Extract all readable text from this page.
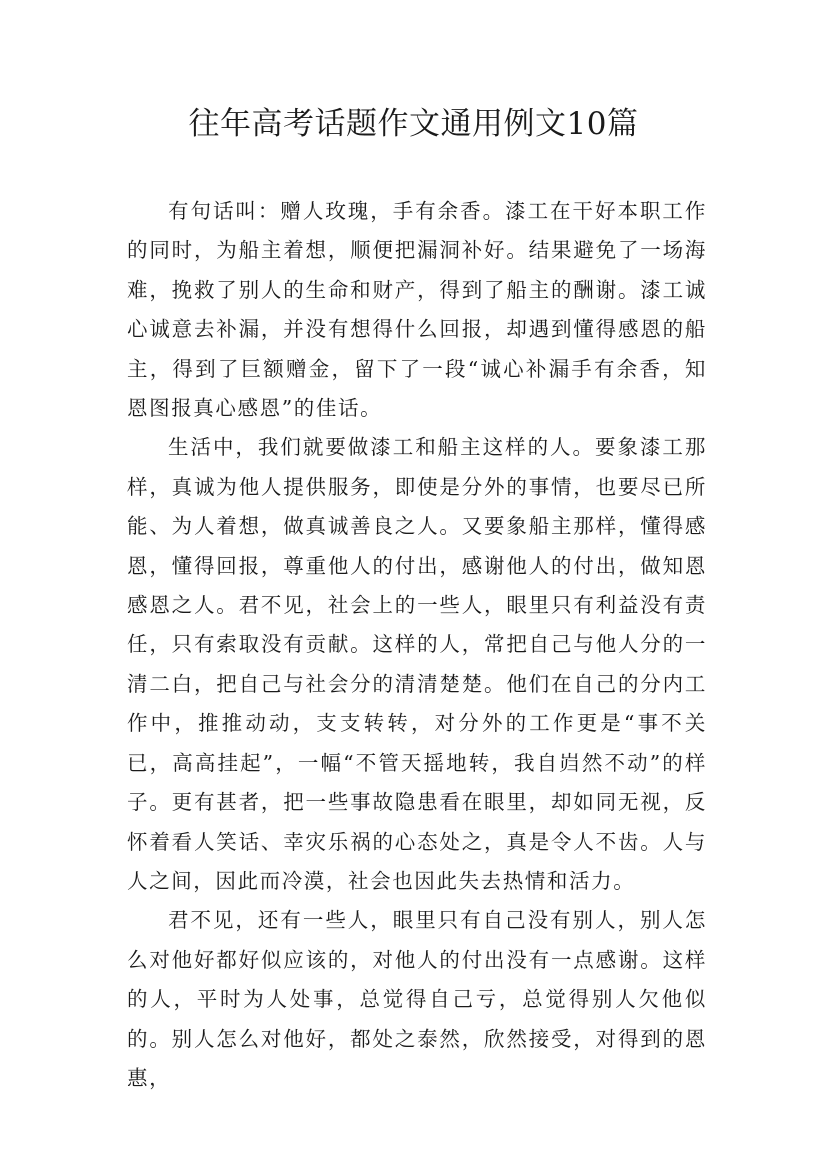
往年高考话题作文通用例文10篇

有句话叫：赠人玫瑰，手有余香。漆工在干好本职工作的同时，为船主着想，顺便把漏洞补好。结果避免了一场海难，挽救了别人的生命和财产，得到了船主的酬谢。漆工诚心诚意去补漏，并没有想得什么回报，却遇到懂得感恩的船主，得到了巨额赠金，留下了一段“诚心补漏手有余香，知恩图报真心感恩”的佳话。

生活中，我们就要做漆工和船主这样的人。要象漆工那样，真诚为他人提供服务，即使是分外的事情，也要尽已所能、为人着想，做真诚善良之人。又要象船主那样，懂得感恩，懂得回报，尊重他人的付出，感谢他人的付出，做知恩感恩之人。君不见，社会上的一些人，眼里只有利益没有责任，只有索取没有贡献。这样的人，常把自己与他人分的一清二白，把自己与社会分的清清楚楚。他们在自己的分内工作中，推推动动，支支转转，对分外的工作更是“事不关已，高高挂起”，一幅“不管天摇地转，我自岿然不动”的样子。更有甚者，把一些事故隐患看在眼里，却如同无视，反怀着看人笑话、幸灾乐祸的心态处之，真是令人不齿。人与人之间，因此而冷漠，社会也因此失去热情和活力。

君不见，还有一些人，眼里只有自己没有别人，别人怎么对他好都好似应该的，对他人的付出没有一点感谢。这样的人，平时为人处事，总觉得自己亏，总觉得别人欠他似的。别人怎么对他好，都处之泰然，欣然接受，对得到的恩惠，
